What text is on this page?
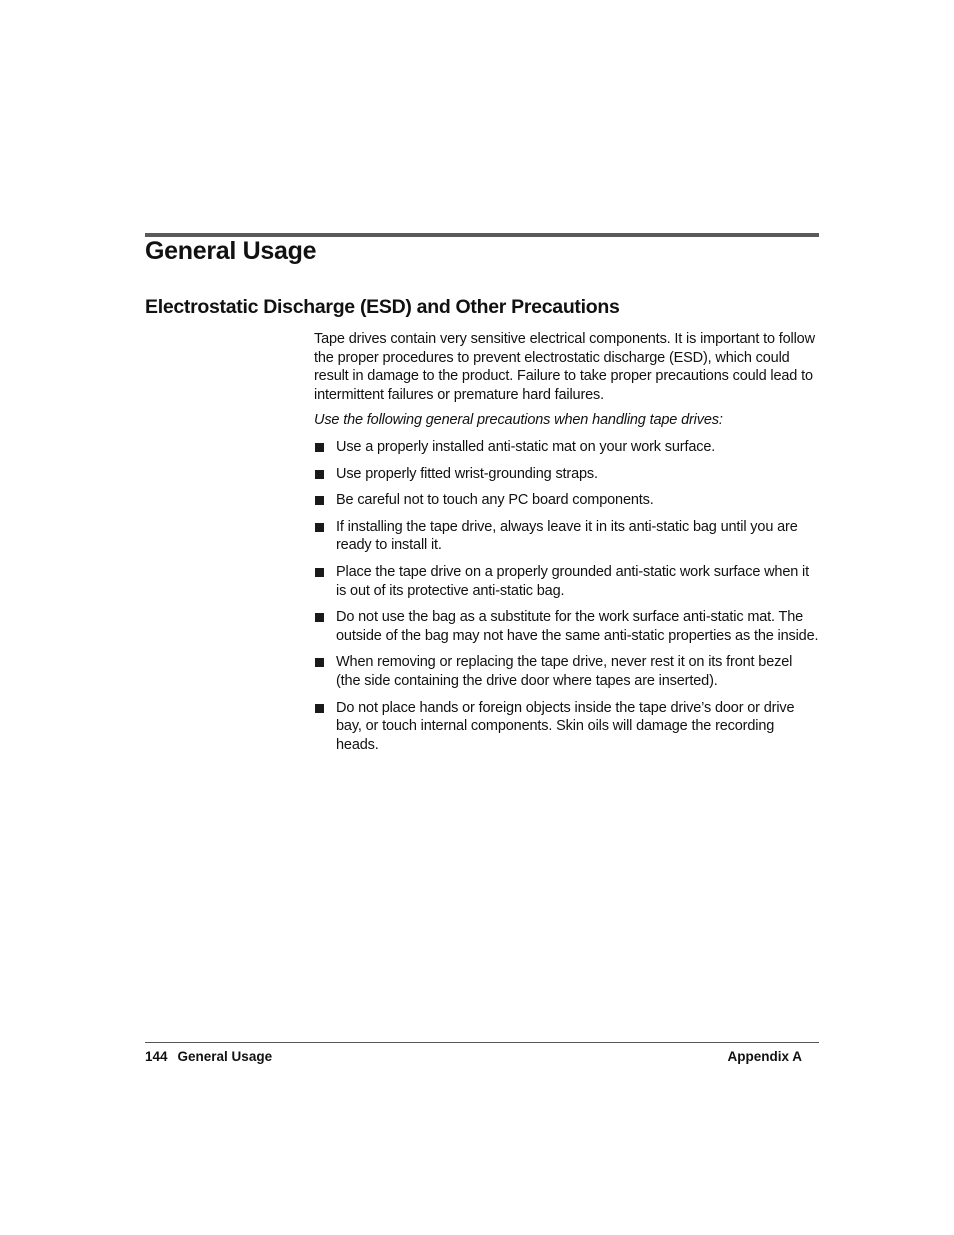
General Usage
Electrostatic Discharge (ESD) and Other Precautions

Tape drives contain very sensitive electrical components. It is important to follow the proper procedures to prevent electrostatic discharge (ESD), which could result in damage to the product. Failure to take proper precautions could lead to intermittent failures or premature hard failures.

Use the following general precautions when handling tape drives:

Use a properly installed anti-static mat on your work surface.
Use properly fitted wrist-grounding straps.
Be careful not to touch any PC board components.
If installing the tape drive, always leave it in its anti-static bag until you are ready to install it.
Place the tape drive on a properly grounded anti-static work surface when it is out of its protective anti-static bag.
Do not use the bag as a substitute for the work surface anti-static mat. The outside of the bag may not have the same anti-static properties as the inside.
When removing or replacing the tape drive, never rest it on its front bezel (the side containing the drive door where tapes are inserted).
Do not place hands or foreign objects inside the tape drive’s door or drive bay, or touch internal components. Skin oils will damage the recording heads.
144 General Usage	Appendix A
